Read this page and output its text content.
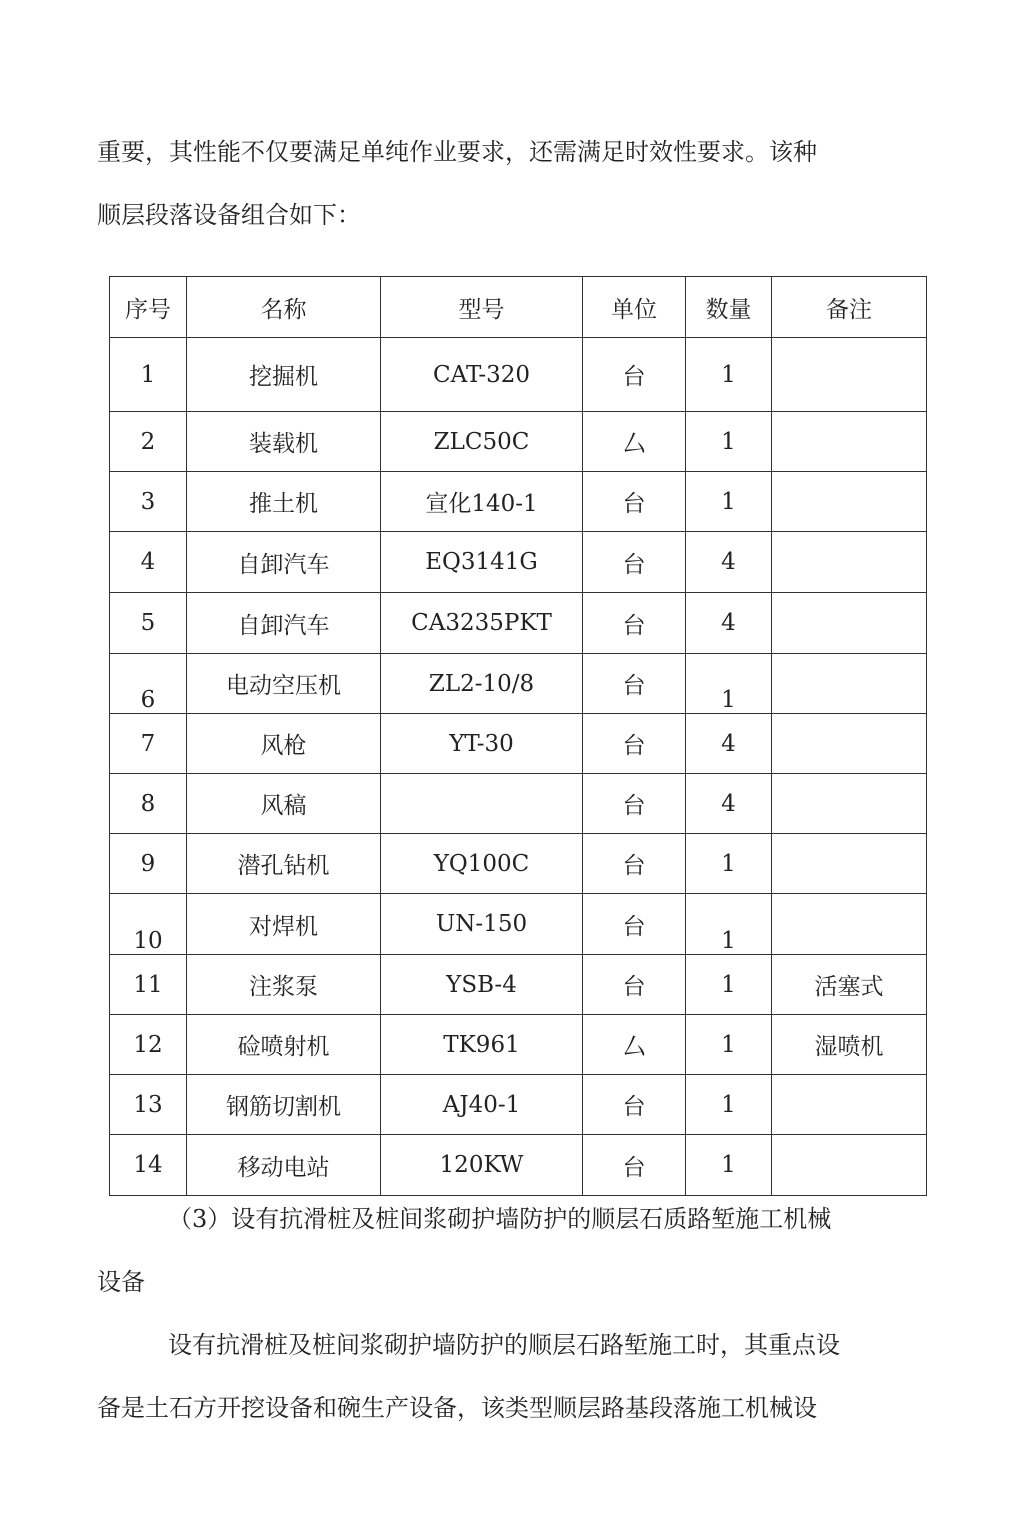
重要，其性能不仅要满足单纯作业要求，还需满足时效性要求。该种

顺层段落设备组合如下：

序号	名称	型号	单位	数量	备注
1	挖掘机	CAT-320	台	1	
2	装载机	ZLC50C	厶	1	
3	推土机	宣化140-1	台	1	
4	自卸汽车	EQ3141G	台	4	
5	自卸汽车	CA3235PKT	台	4	
6	电动空压机	ZL2-10/8	台	1	
7	风枪	YT-30	台	4	
8	风稿		台	4	
9	潜孔钻机	YQ100C	台	1	
10	对焊机	UN-150	台	1	
11	注浆泵	YSB-4	台	1	活塞式
12	硷喷射机	TK961	厶	1	湿喷机
13	钢筋切割机	AJ40-1	台	1	
14	移动电站	120KW	台	1	

（3）设有抗滑桩及桩间浆砌护墙防护的顺层石质路堑施工机械

设备

设有抗滑桩及桩间浆砌护墙防护的顺层石路堑施工时，其重点设

备是土石方开挖设备和碗生产设备，该类型顺层路基段落施工机械设
